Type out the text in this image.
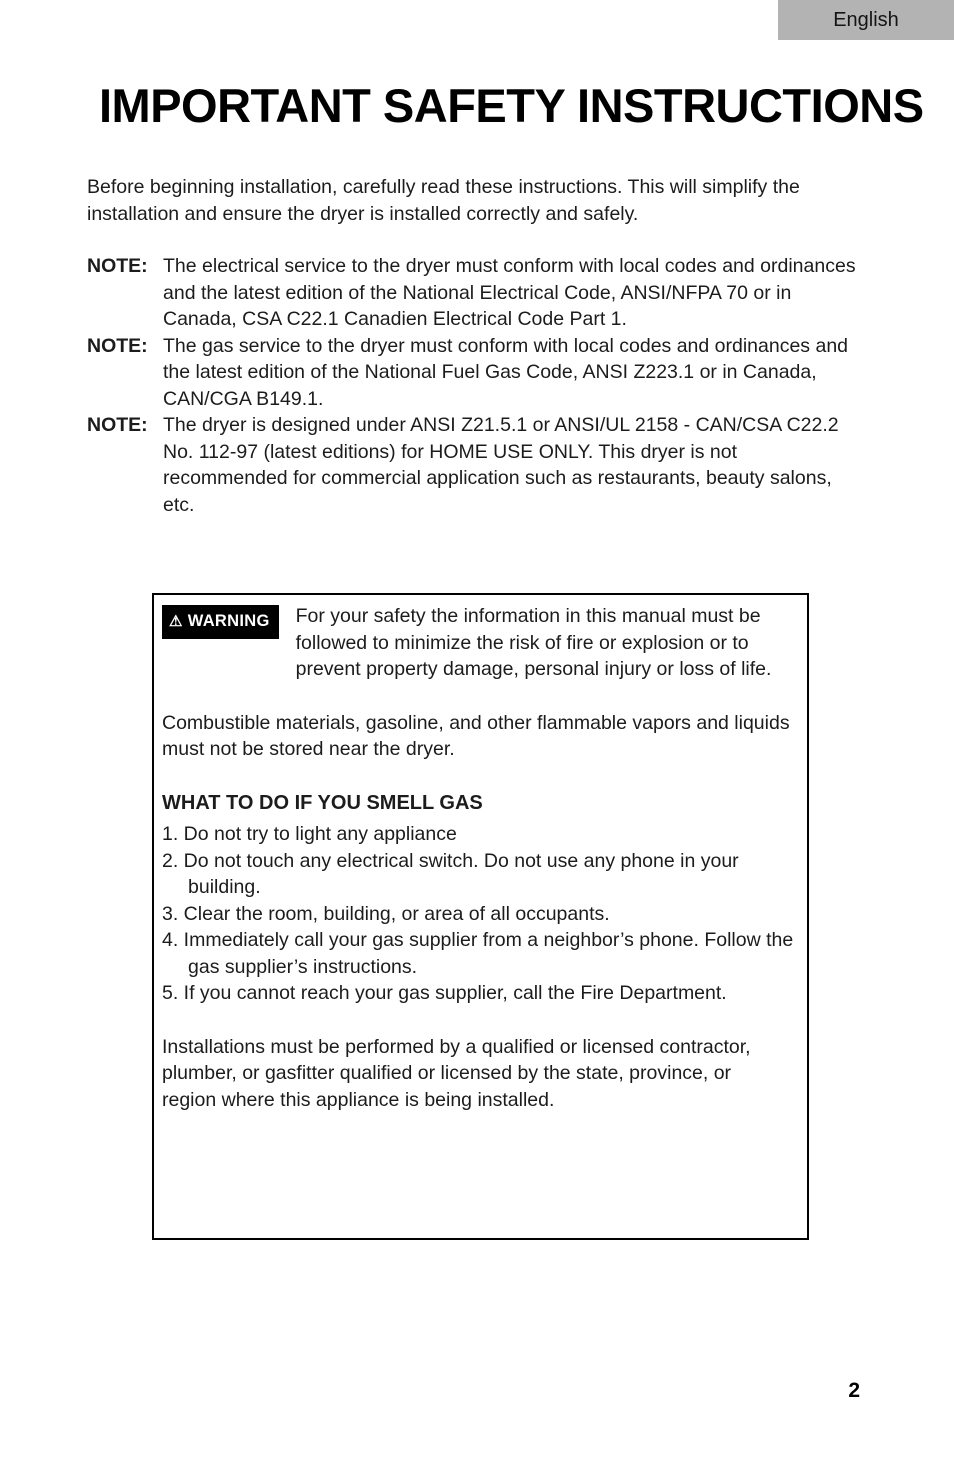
English
IMPORTANT SAFETY INSTRUCTIONS

Before beginning installation, carefully read these instructions. This will simplify the installation and ensure the dryer is installed correctly and safely.

NOTE: The electrical service to the dryer must conform with local codes and ordinances and the latest edition of the National Electrical Code, ANSI/NFPA 70 or in Canada, CSA C22.1 Canadien Electrical Code Part 1.
NOTE: The gas service to the dryer must conform with local codes and ordinances and the latest edition of the National Fuel Gas Code, ANSI Z223.1 or in Canada, CAN/CGA B149.1.
NOTE: The dryer is designed under ANSI Z21.5.1 or ANSI/UL 2158 - CAN/CSA C22.2 No. 112-97 (latest editions) for HOME USE ONLY. This dryer is not recommended for commercial application such as restaurants, beauty salons, etc.
⚠ WARNING For your safety the information in this manual must be followed to minimize the risk of fire or explosion or to prevent property damage, personal injury or loss of life.

Combustible materials, gasoline, and other flammable vapors and liquids must not be stored near the dryer.

WHAT TO DO IF YOU SMELL GAS

1. Do not try to light any appliance

2. Do not touch any electrical switch. Do not use any phone in your building.

3. Clear the room, building, or area of all occupants.

4. Immediately call your gas supplier from a neighbor’s phone. Follow the gas supplier’s instructions.

5. If you cannot reach your gas supplier, call the Fire Department.

Installations must be performed by a qualified or licensed contractor, plumber, or gasfitter qualified or licensed by the state, province, or region where this appliance is being installed.

2
